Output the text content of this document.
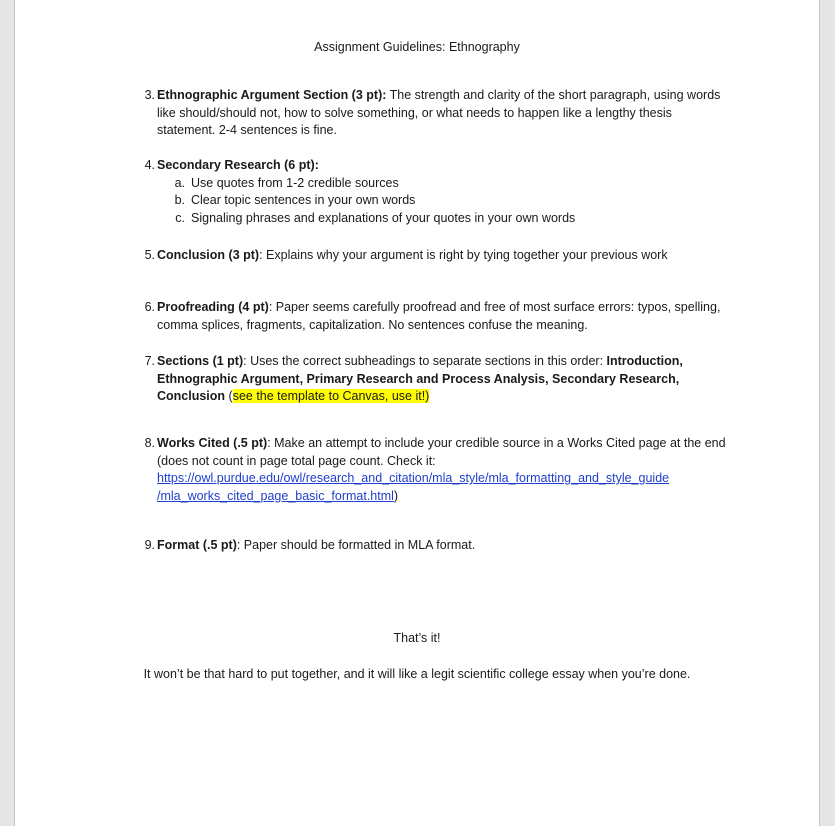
Assignment Guidelines: Ethnography
3. Ethnographic Argument Section (3 pt): The strength and clarity of the short paragraph, using words like should/should not, how to solve something, or what needs to happen like a lengthy thesis statement. 2-4 sentences is fine.
4. Secondary Research (6 pt):
a. Use quotes from 1-2 credible sources
b. Clear topic sentences in your own words
c. Signaling phrases and explanations of your quotes in your own words
5. Conclusion (3 pt): Explains why your argument is right by tying together your previous work
6. Proofreading (4 pt): Paper seems carefully proofread and free of most surface errors: typos, spelling, comma splices, fragments, capitalization. No sentences confuse the meaning.
7. Sections (1 pt): Uses the correct subheadings to separate sections in this order: Introduction, Ethnographic Argument, Primary Research and Process Analysis, Secondary Research, Conclusion (see the template to Canvas, use it!)
8. Works Cited (.5 pt): Make an attempt to include your credible source in a Works Cited page at the end (does not count in page total page count. Check it:
https://owl.purdue.edu/owl/research_and_citation/mla_style/mla_formatting_and_style_guide
/mla_works_cited_page_basic_format.html)
9. Format (.5 pt): Paper should be formatted in MLA format.
That’s it!
It won’t be that hard to put together, and it will like a legit scientific college essay when you’re done.
